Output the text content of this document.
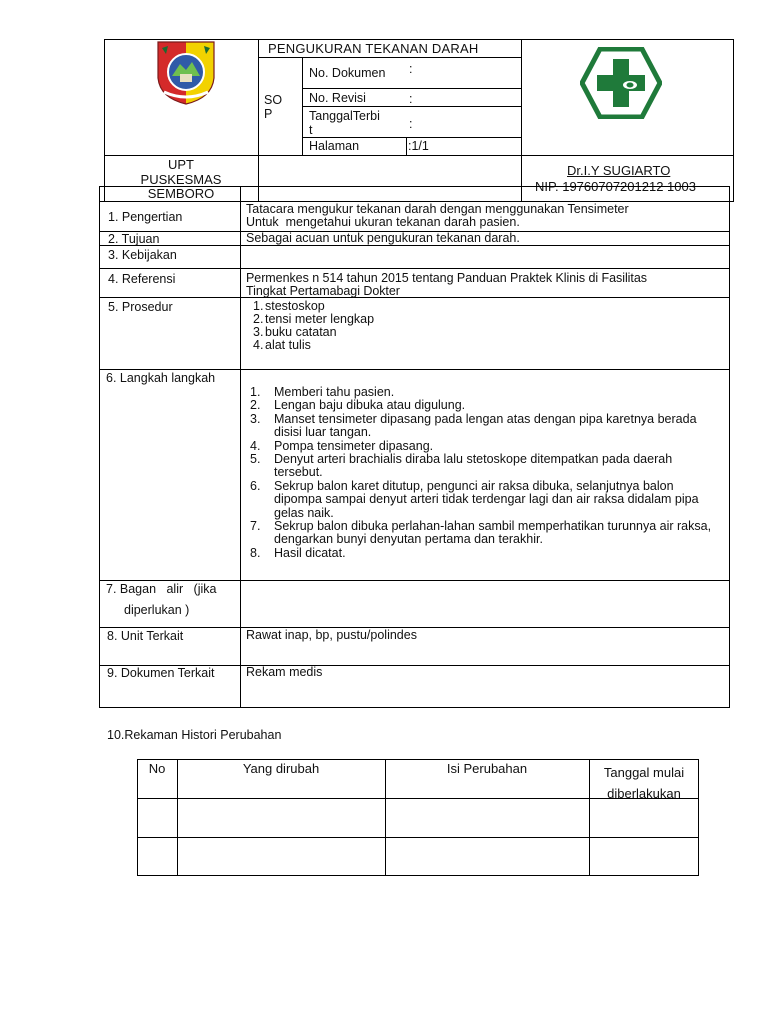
PENGUKURAN TEKANAN DARAH
SO
P
No. Dokumen :
No. Revisi	:
TanggalTerbi
t	:
Halaman	:1/1
UPT
PUSKESMAS
SEMBORO
Dr.I.Y SUGIARTO
NIP. 19760707201212 1003
1. Pengertian
Tatacara mengukur tekanan darah dengan menggunakan Tensimeter
Untuk  mengetahui ukuran tekanan darah pasien.
2. Tujuan	Sebagai acuan untuk pengukuran tekanan darah.
3. Kebijakan
4. Referensi	Permenkes n 514 tahun 2015 tentang Panduan Praktek Klinis di Fasilitas
Tingkat Pertamabagi Dokter
5. Prosedur	1. stestoskop
2. tensi meter lengkap
3. buku catatan
4. alat tulis
6. Langkah langkah
1. Memberi tahu pasien.
2. Lengan baju dibuka atau digulung.
3. Manset tensimeter dipasang pada lengan atas dengan pipa karetnya berada disisi luar tangan.
4. Pompa tensimeter dipasang.
5. Denyut arteri brachialis diraba lalu stetoskope ditempatkan pada daerah tersebut.
6. Sekrup balon karet ditutup, pengunci air raksa dibuka, selanjutnya balon dipompa sampai denyut arteri tidak terdengar lagi dan air raksa didalam pipa gelas naik.
7. Sekrup balon dibuka perlahan-lahan sambil memperhatikan turunnya air raksa, dengarkan bunyi denyutan pertama dan terakhir.
8. Hasil dicatat.
7. Bagan   alir   (jika
diperlukan )
8. Unit Terkait	Rawat inap, bp, pustu/polindes
9. Dokumen Terkait	Rekam medis
10.Rekaman Histori Perubahan
No	Yang dirubah	Isi Perubahan	Tanggal mulai
diberlakukan
